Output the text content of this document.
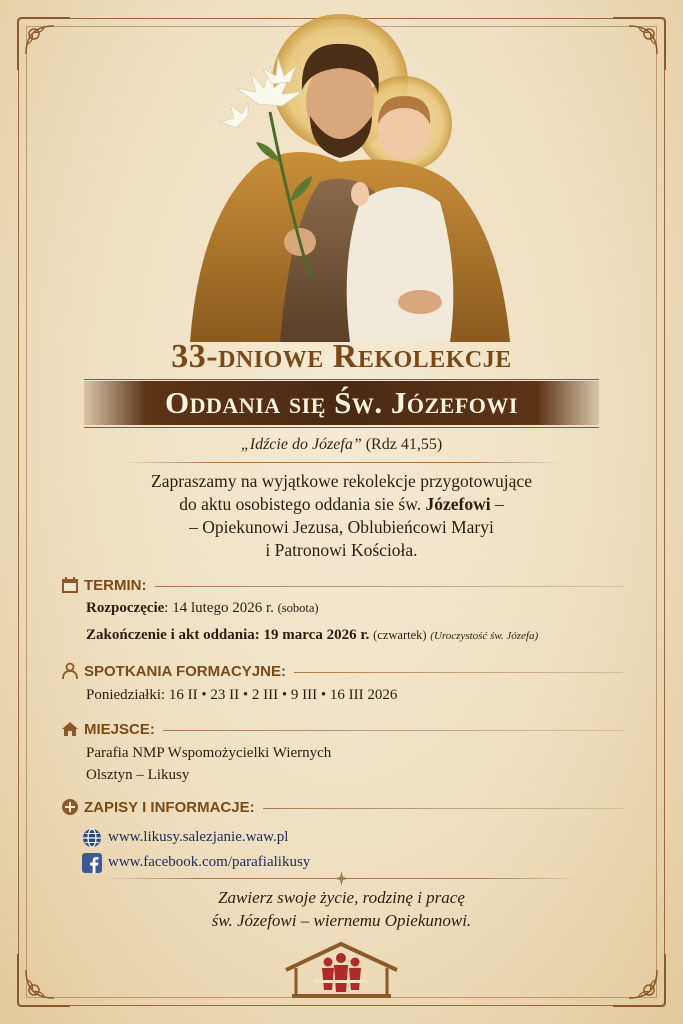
33-dniowe Rekolekcje
Oddania się Św. Józefowi
„Idźcie do Józefa” (Rdz 41,55)
Zapraszamy na wyjątkowe rekolekcje przygotowujące
do aktu osobistego oddania sie św. Józefowi –
– Opiekunowi Jezusa, Oblubieńcowi Maryi
i Patronowi Kościoła.
TERMIN:
Rozpoczęcie: 14 lutego 2026 r. (sobota)
Zakończenie i akt oddania: 19 marca 2026 r. (czwartek) (Uroczystość św. Józefa)
SPOTKANIA FORMACYJNE:
Poniedziałki: 16 II • 23 II • 2 III • 9 III • 16 III 2026
MIEJSCE:
Parafia NMP Wspomożycielki Wiernych
Olsztyn – Likusy
ZAPISY I INFORMACJE:
www.likusy.salezjanie.waw.pl
www.facebook.com/parafialikusy
Zawierz swoje życie, rodzinę i pracę
św. Józefowi – wiernemu Opiekunowi.
